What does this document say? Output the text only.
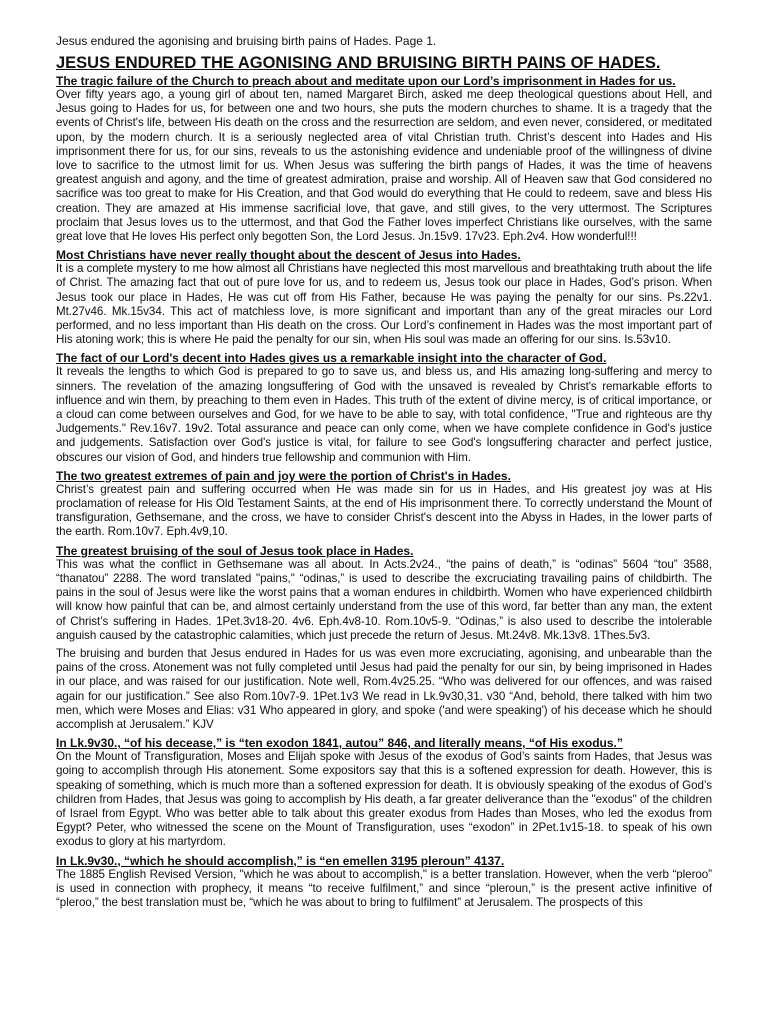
Jesus endured the agonising and bruising birth pains of Hades. Page 1.
JESUS ENDURED THE AGONISING AND BRUISING BIRTH PAINS OF HADES.
The tragic failure of the Church to preach about and meditate upon our Lord’s imprisonment in Hades for us.

Over fifty years ago, a young girl of about ten, named Margaret Birch, asked me deep theological questions about Hell, and Jesus going to Hades for us, for between one and two hours, she puts the modern churches to shame. It is a tragedy that the events of Christ's life, between His death on the cross and the resurrection are seldom, and even never, considered, or meditated upon, by the modern church. It is a seriously neglected area of vital Christian truth. Christ’s descent into Hades and His imprisonment there for us, for our sins, reveals to us the astonishing evidence and undeniable proof of the willingness of divine love to sacrifice to the utmost limit for us. When Jesus was suffering the birth pangs of Hades, it was the time of heavens greatest anguish and agony, and the time of greatest admiration, praise and worship. All of Heaven saw that God considered no sacrifice was too great to make for His Creation, and that God would do everything that He could to redeem, save and bless His creation. They are amazed at His immense sacrificial love, that gave, and still gives, to the very uttermost. The Scriptures proclaim that Jesus loves us to the uttermost, and that God the Father loves imperfect Christians like ourselves, with the same great love that He loves His perfect only begotten Son, the Lord Jesus. Jn.15v9. 17v23. Eph.2v4. How wonderful!!!

Most Christians have never really thought about the descent of Jesus into Hades.

It is a complete mystery to me how almost all Christians have neglected this most marvellous and breathtaking truth about the life of Christ. The amazing fact that out of pure love for us, and to redeem us, Jesus took our place in Hades, God’s prison. When Jesus took our place in Hades, He was cut off from His Father, because He was paying the penalty for our sins. Ps.22v1. Mt.27v46. Mk.15v34. This act of matchless love, is more significant and important than any of the great miracles our Lord performed, and no less important than His death on the cross. Our Lord’s confinement in Hades was the most important part of His atoning work; this is where He paid the penalty for our sin, when His soul was made an offering for our sins. Is.53v10.

The fact of our Lord's decent into Hades gives us a remarkable insight into the character of God.

It reveals the lengths to which God is prepared to go to save us, and bless us, and His amazing long-suffering and mercy to sinners. The revelation of the amazing longsuffering of God with the unsaved is revealed by Christ's remarkable efforts to influence and win them, by preaching to them even in Hades. This truth of the extent of divine mercy, is of critical importance, or a cloud can come between ourselves and God, for we have to be able to say, with total confidence, "True and righteous are thy Judgements." Rev.16v7. 19v2. Total assurance and peace can only come, when we have complete confidence in God's justice and judgements. Satisfaction over God's justice is vital, for failure to see God's longsuffering character and perfect justice, obscures our vision of God, and hinders true fellowship and communion with Him.

The two greatest extremes of pain and joy were the portion of Christ's in Hades.

Christ’s greatest pain and suffering occurred when He was made sin for us in Hades, and His greatest joy was at His proclamation of release for His Old Testament Saints, at the end of His imprisonment there. To correctly understand the Mount of transfiguration, Gethsemane, and the cross, we have to consider Christ's descent into the Abyss in Hades, in the lower parts of the earth. Rom.10v7. Eph.4v9,10.

The greatest bruising of the soul of Jesus took place in Hades.

This was what the conflict in Gethsemane was all about. In Acts.2v24., “the pains of death,” is “odinas” 5604 “tou” 3588, “thanatou” 2288. The word translated "pains," “odinas,” is used to describe the excruciating travailing pains of childbirth. The pains in the soul of Jesus were like the worst pains that a woman endures in childbirth. Women who have experienced childbirth will know how painful that can be, and almost certainly understand from the use of this word, far better than any man, the extent of Christ’s suffering in Hades. 1Pet.3v18-20. 4v6. Eph.4v8-10. Rom.10v5-9. “Odinas,” is also used to describe the intolerable anguish caused by the catastrophic calamities, which just precede the return of Jesus. Mt.24v8. Mk.13v8. 1Thes.5v3.

The bruising and burden that Jesus endured in Hades for us was even more excruciating, agonising, and unbearable than the pains of the cross. Atonement was not fully completed until Jesus had paid the penalty for our sin, by being imprisoned in Hades in our place, and was raised for our justification. Note well, Rom.4v25.25. “Who was delivered for our offences, and was raised again for our justification.” See also Rom.10v7-9. 1Pet.1v3 We read in Lk.9v30,31. v30 “And, behold, there talked with him two men, which were Moses and Elias: v31 Who appeared in glory, and spoke ('and were speaking') of his decease which he should accomplish at Jerusalem.” KJV

In Lk.9v30., “of his decease,” is “ten exodon 1841, autou” 846, and literally means, “of His exodus.”

On the Mount of Transfiguration, Moses and Elijah spoke with Jesus of the exodus of God’s saints from Hades, that Jesus was going to accomplish through His atonement. Some expositors say that this is a softened expression for death. However, this is speaking of something, which is much more than a softened expression for death. It is obviously speaking of the exodus of God’s children from Hades, that Jesus was going to accomplish by His death, a far greater deliverance than the "exodus" of the children of Israel from Egypt. Who was better able to talk about this greater exodus from Hades than Moses, who led the exodus from Egypt? Peter, who witnessed the scene on the Mount of Transfiguration, uses “exodon” in 2Pet.1v15-18. to speak of his own exodus to glory at his martyrdom.

In Lk.9v30., “which he should accomplish,” is “en emellen 3195 pleroun” 4137.

The 1885 English Revised Version, "which he was about to accomplish," is a better translation. However, when the verb “pleroo” is used in connection with prophecy, it means “to receive fulfilment,” and since “pleroun,” is the present active infinitive of “pleroo,” the best translation must be, “which he was about to bring to fulfilment” at Jerusalem. The prospects of this
